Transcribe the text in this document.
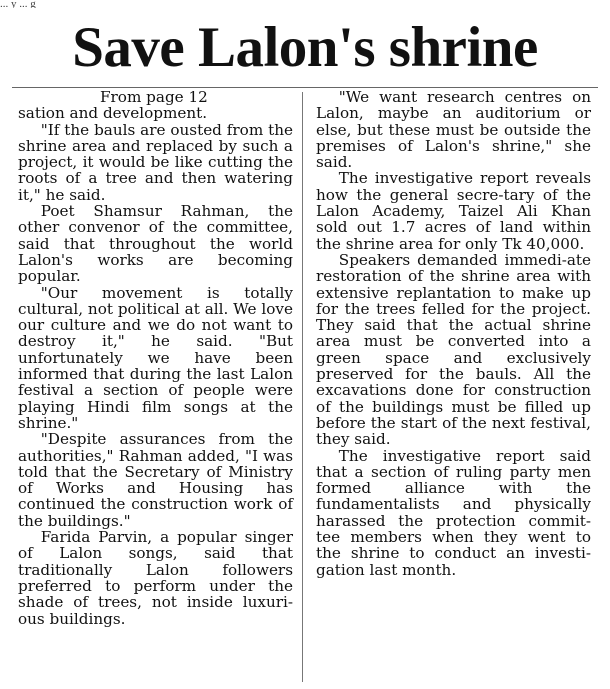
... y ... g
Save Lalon's shrine
From page 12

sation and development.

"If the bauls are ousted from the shrine area and replaced by such a project, it would be like cutting the roots of a tree and then watering it," he said.

Poet Shamsur Rahman, the other convenor of the committee, said that throughout the world Lalon's works are becoming popular.

"Our movement is totally cultural, not political at all. We love our culture and we do not want to destroy it," he said. "But unfortunately we have been informed that during the last Lalon festival a section of people were playing Hindi film songs at the shrine."

"Despite assurances from the authorities," Rahman added, "I was told that the Secretary of Ministry of Works and Housing has continued the construction work of the buildings."

Farida Parvin, a popular singer of Lalon songs, said that traditionally Lalon followers preferred to perform under the shade of trees, not inside luxuri-ous buildings.

"We want research centres on Lalon, maybe an auditorium or else, but these must be outside the premises of Lalon's shrine," she said.

The investigative report reveals how the general secre-tary of the Lalon Academy, Taizel Ali Khan sold out 1.7 acres of land within the shrine area for only Tk 40,000.

Speakers demanded immedi-ate restoration of the shrine area with extensive replantation to make up for the trees felled for the project. They said that the actual shrine area must be converted into a green space and exclusively preserved for the bauls. All the excavations done for construction of the buildings must be filled up before the start of the next festival, they said.

The investigative report said that a section of ruling party men formed alliance with the fundamentalists and physically harassed the protection commit-tee members when they went to the shrine to conduct an investi-gation last month.
